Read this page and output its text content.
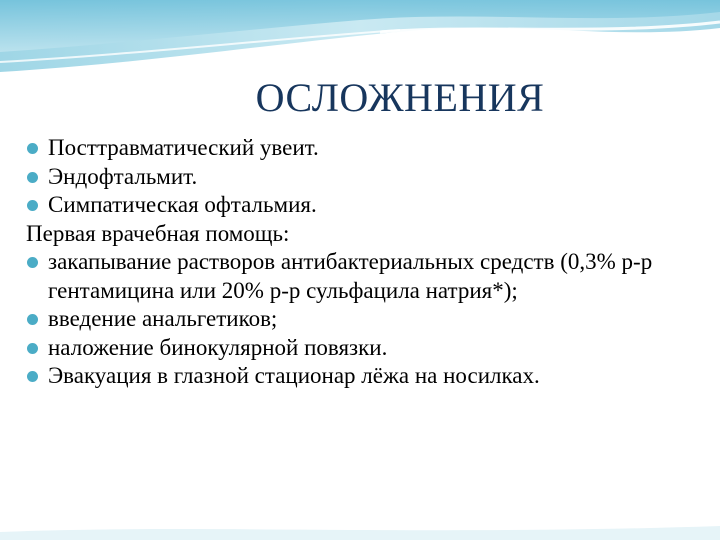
ОСЛОЖНЕНИЯ

Посттравматический увеит.

Эндофтальмит.

Симпатическая офтальмия.

Первая врачебная помощь:

закапывание растворов антибактериальных средств (0,3% р-р гентамицина или 20% р-р сульфацила натрия*);

введение анальгетиков;

наложение бинокулярной повязки.

Эвакуация в глазной стационар лёжа на носилках.
